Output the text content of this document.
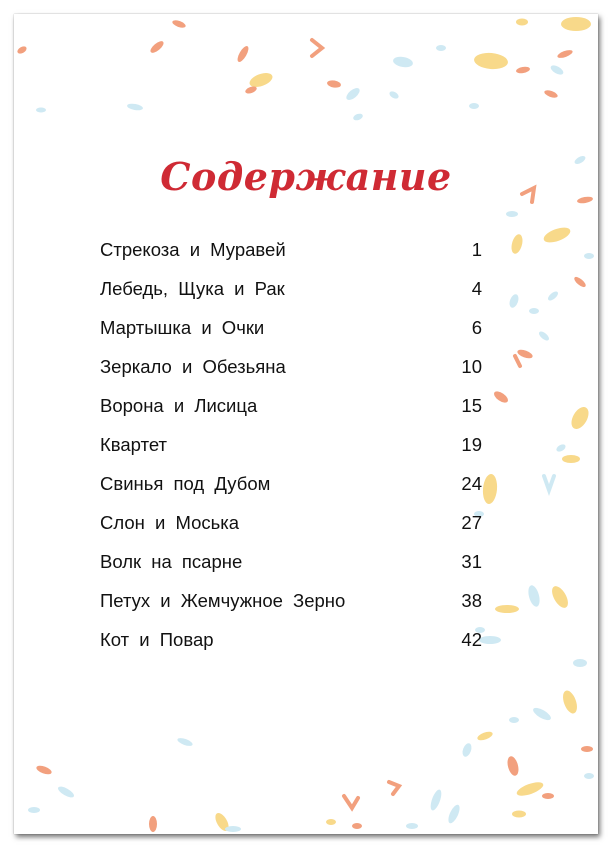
Содержание
Стрекоза и Муравей	1
Лебедь, Щука и Рак	4
Мартышка и Очки	6
Зеркало и Обезьяна	10
Ворона и Лисица	15
Квартет	19
Свинья под Дубом	24
Слон и Моська	27
Волк на псарне	31
Петух и Жемчужное Зерно	38
Кот и Повар	42
